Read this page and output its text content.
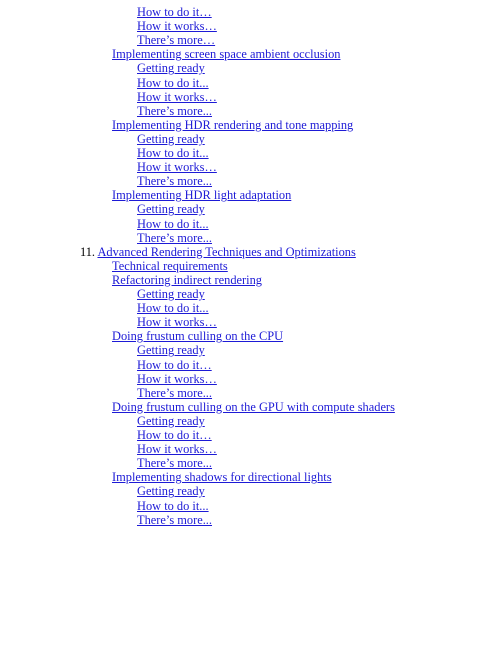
How to do it…
How it works…
There’s more…
Implementing screen space ambient occlusion
Getting ready
How to do it...
How it works…
There’s more...
Implementing HDR rendering and tone mapping
Getting ready
How to do it...
How it works…
There’s more...
Implementing HDR light adaptation
Getting ready
How to do it...
There’s more...
11. Advanced Rendering Techniques and Optimizations
Technical requirements
Refactoring indirect rendering
Getting ready
How to do it...
How it works…
Doing frustum culling on the CPU
Getting ready
How to do it…
How it works…
There’s more...
Doing frustum culling on the GPU with compute shaders
Getting ready
How to do it…
How it works…
There’s more...
Implementing shadows for directional lights
Getting ready
How to do it...
There’s more...
